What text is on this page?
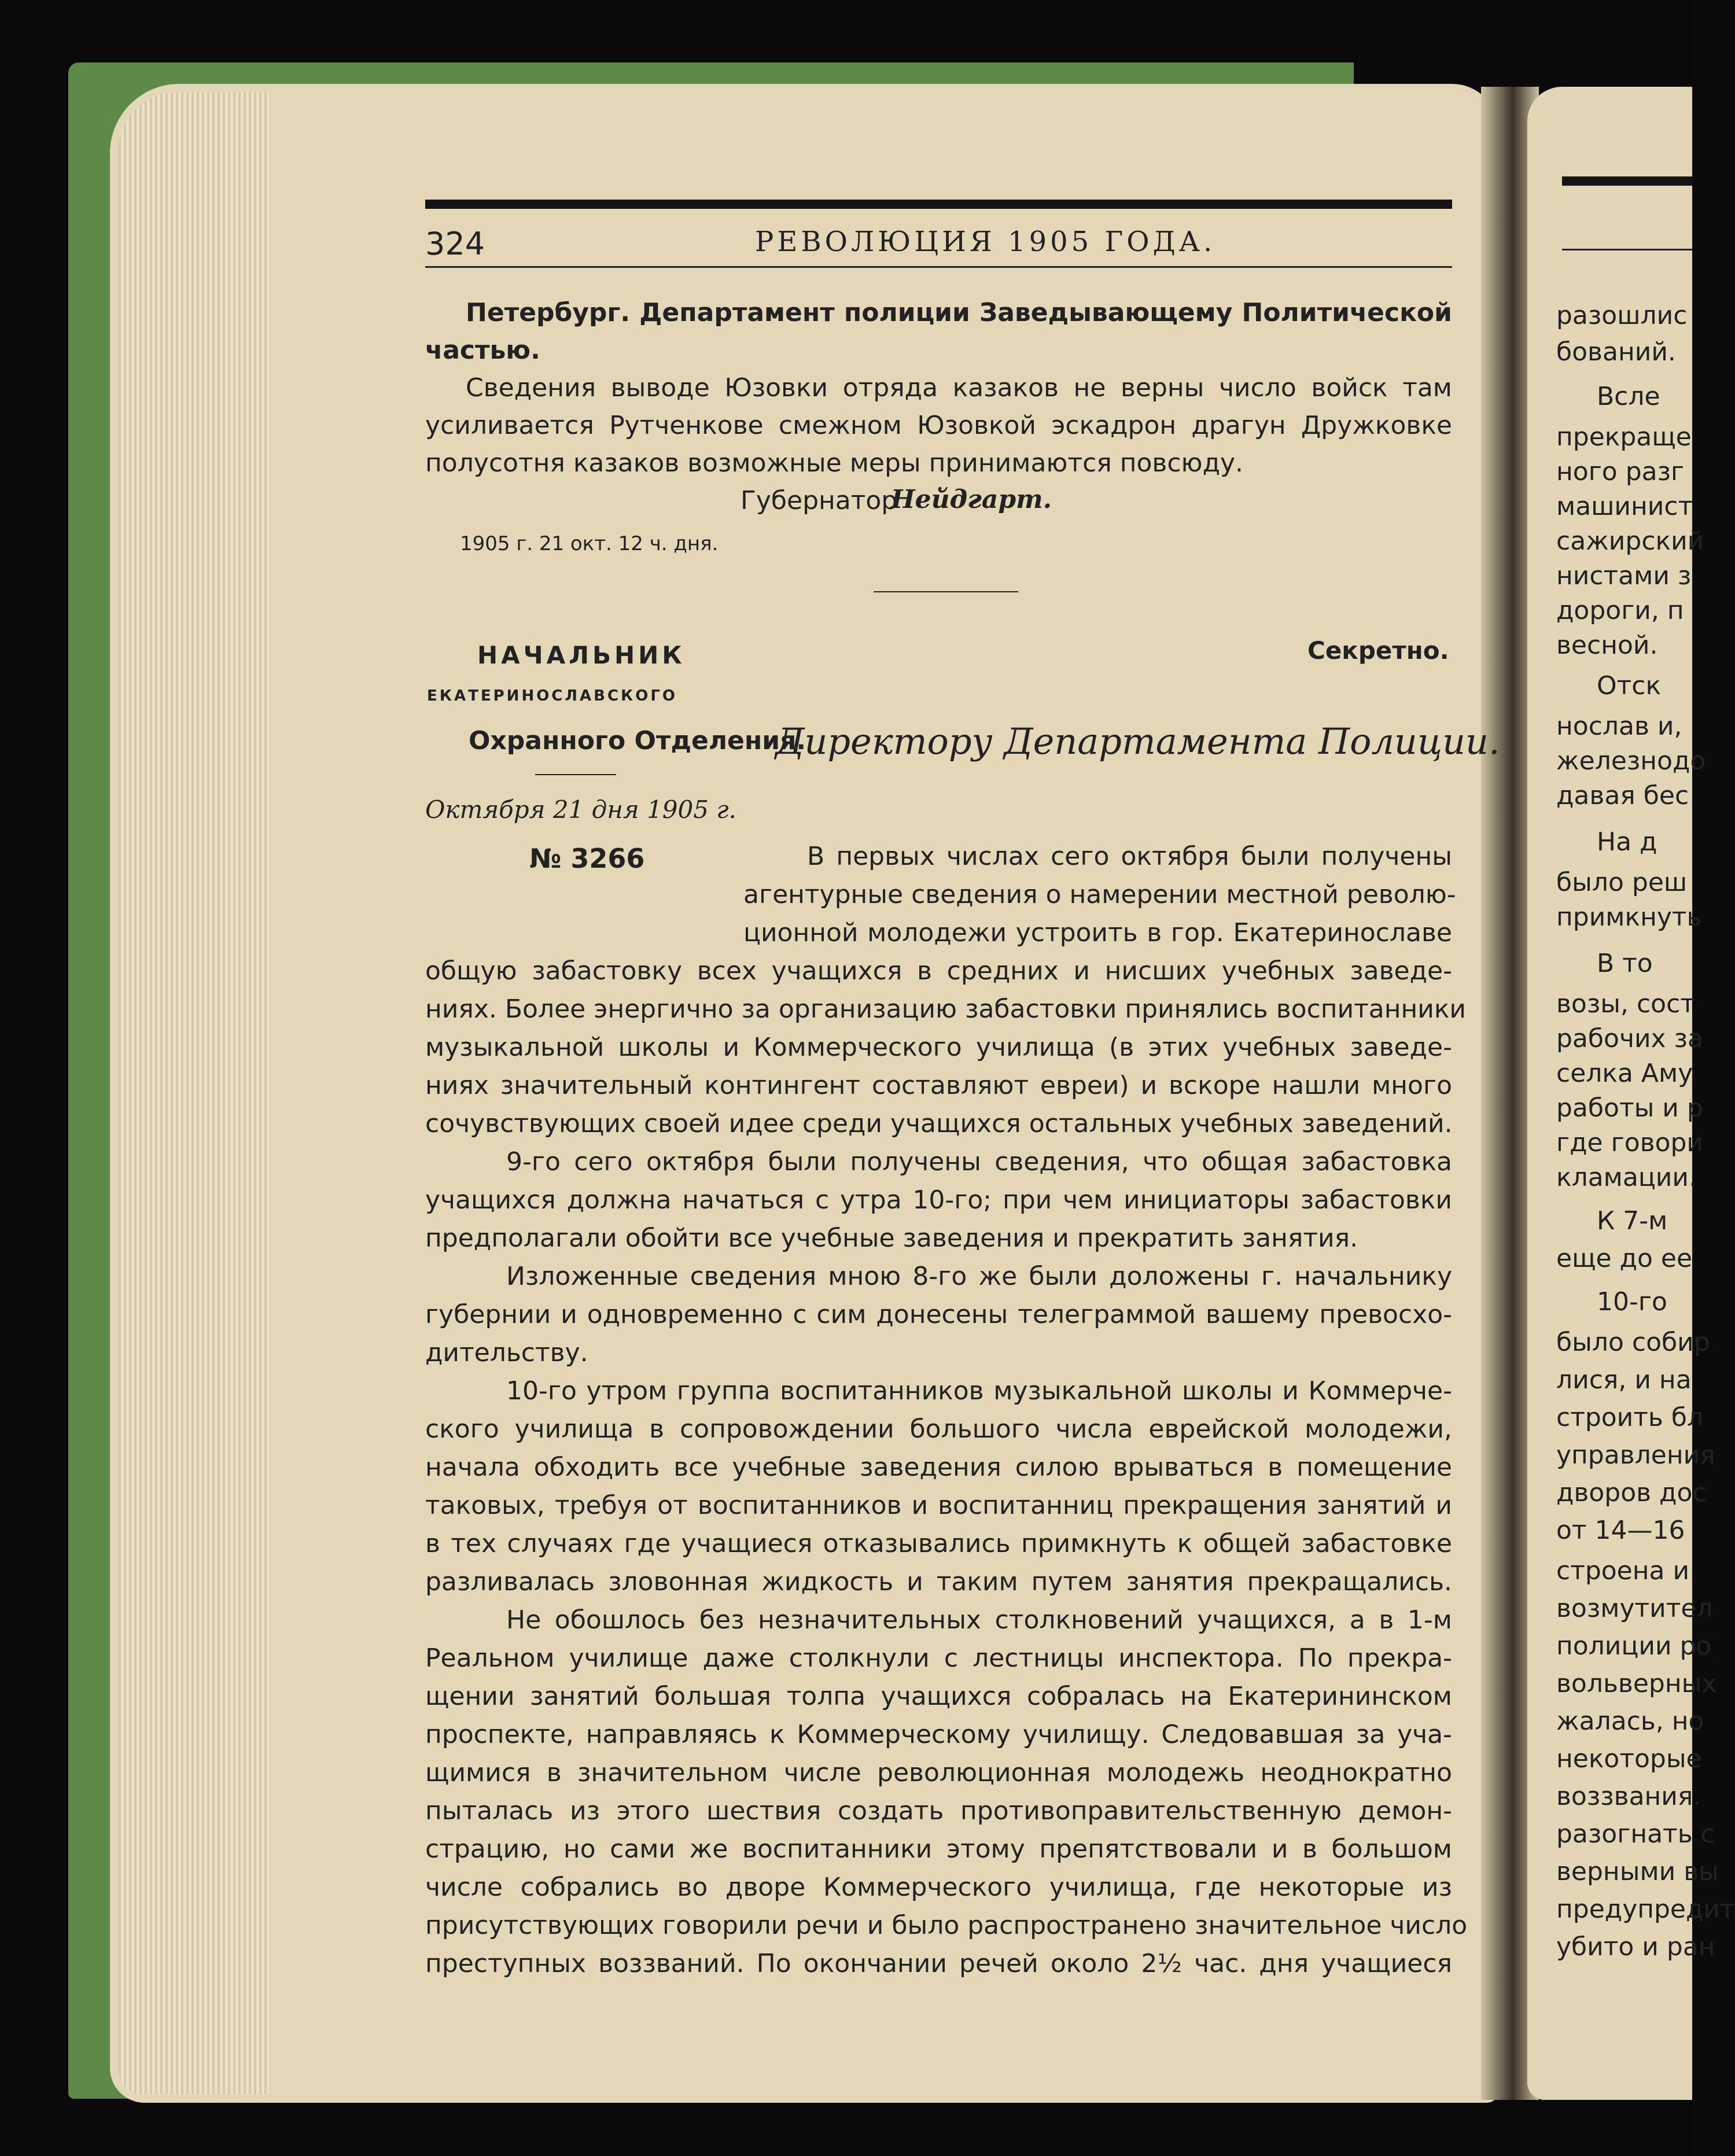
324	РЕВОЛЮЦИЯ 1905 ГОДА.
Петербург. Департамент полиции Заведывающему Политической
частью.
Сведения выводе Юзовки отряда казаков не верны число войск там
усиливается Рутченкове смежном Юзовкой эскадрон драгун Дружковке
полусотня казаков возможные меры принимаются повсюду.
Губернатор
Нейдгарт.
1905 г. 21 окт. 12 ч. дня.
НАЧАЛЬНИК
ЕКАТЕРИНОСЛАВСКОГО
Охранного Отделения.
Секретно.
Директору Департамента Полиции.
Октября 21 дня 1905 г.
№ 3266	В первых числах сего октября были получены
агентурные сведения о намерении местной револю-
ционной молодежи устроить в гор. Екатеринославе
общую забастовку всех учащихся в средних и нисших учебных заведе-
ниях. Более энергично за организацию забастовки принялись воспитанники
музыкальной школы и Коммерческого училища (в этих учебных заведе-
ниях значительный контингент составляют евреи) и вскоре нашли много
сочувствующих своей идее среди учащихся остальных учебных заведений.
9-го сего октября были получены сведения, что общая забастовка
учащихся должна начаться с утра 10-го; при чем инициаторы забастовки
предполагали обойти все учебные заведения и прекратить занятия.
Изложенные сведения мною 8-го же были доложены г. начальнику
губернии и одновременно с сим донесены телеграммой вашему превосхо-
дительству.
10-го утром группа воспитанников музыкальной школы и Коммерче-
ского училища в сопровождении большого числа еврейской молодежи,
начала обходить все учебные заведения силою врываться в помещение
таковых, требуя от воспитанников и воспитанниц прекращения занятий и
в тех случаях где учащиеся отказывались примкнуть к общей забастовке
разливалась зловонная жидкость и таким путем занятия прекращались.
Не обошлось без незначительных столкновений учащихся, а в 1-м
Реальном училище даже столкнули с лестницы инспектора. По прекра-
щении занятий большая толпа учащихся собралась на Екатерининском
проспекте, направляясь к Коммерческому училищу. Следовавшая за уча-
щимися в значительном числе революционная молодежь неоднократно
пыталась из этого шествия создать противоправительственную демон-
страцию, но сами же воспитанники этому препятствовали и в большом
числе собрались во дворе Коммерческого училища, где некоторые из
присутствующих говорили речи и было распространено значительное число
преступных воззваний. По окончании речей около 2½ час. дня учащиеся
разошлис
бований.
Всле
прекраще
ного разг
машинист
сажирский
нистами з
дороги, п
весной.
Отск
нослав и,
железнодо
давая бес
На д
было реш
примкнуть
В то
возы, сост
рабочих за
селка Аму
работы и р
где говори
кламации.
К 7-м
еще до ее
10-го
было собир
лися, и на
строить бл
управления
дворов дос
от 14—16
строена и
возмутител
полиции ро
вольверных
жалась, но
некоторые
воззвания.
разогнать с
верными вы
предупредит
убито и ран
